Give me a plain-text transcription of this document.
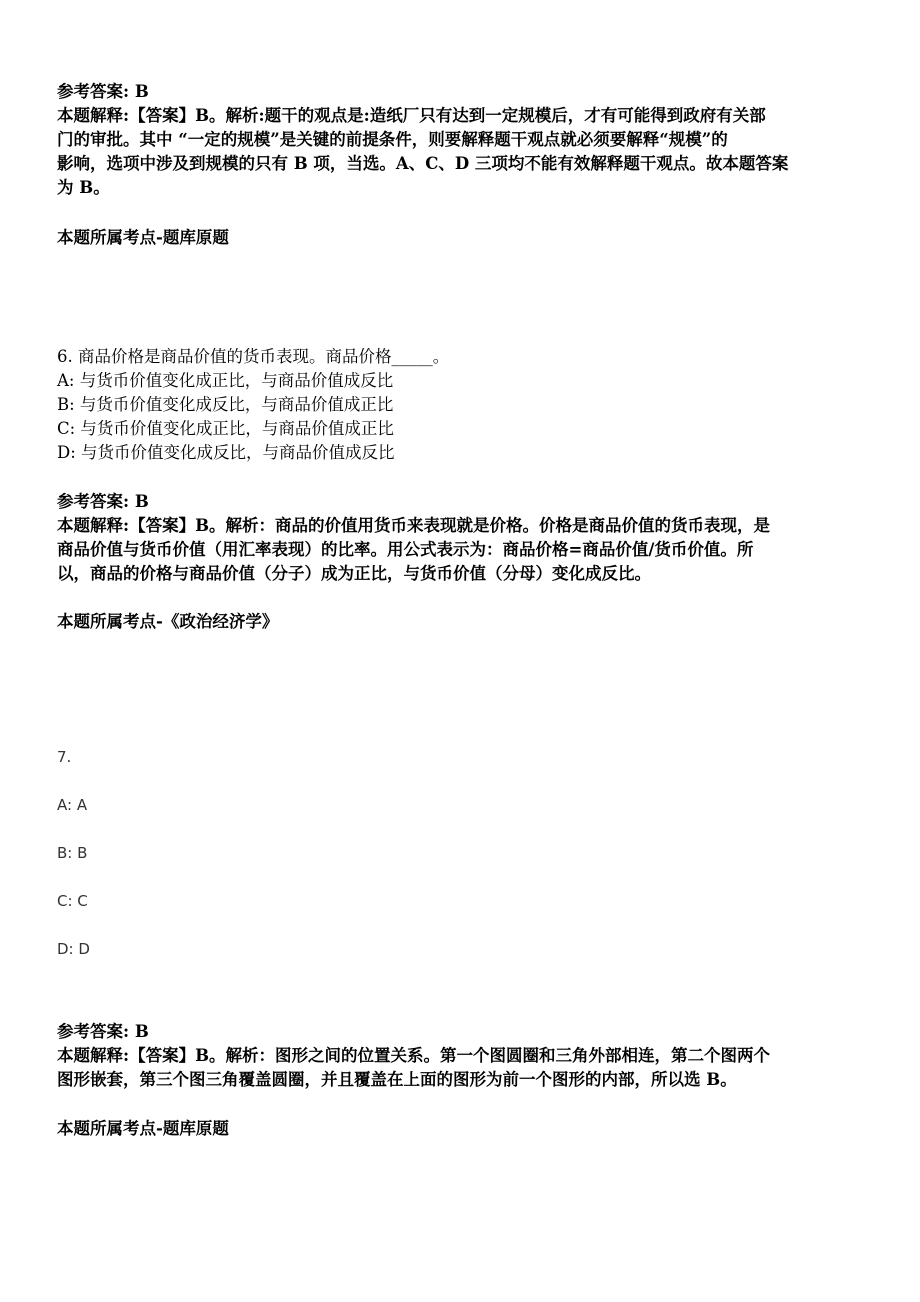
参考答案: B
本题解释:【答案】B。解析:题干的观点是:造纸厂只有达到一定规模后，才有可能得到政府有关部
门的审批。其中 “一定的规模”是关键的前提条件，则要解释题干观点就必须要解释“规模”的
影响，选项中涉及到规模的只有 B 项，当选。A、C、D 三项均不能有效解释题干观点。故本题答案
为 B。
本题所属考点-题库原题
6. 商品价格是商品价值的货币表现。商品价格_____。
A: 与货币价值变化成正比，与商品价值成反比
B: 与货币价值变化成反比，与商品价值成正比
C: 与货币价值变化成正比，与商品价值成正比
D: 与货币价值变化成反比，与商品价值成反比
参考答案: B
本题解释:【答案】B。解析：商品的价值用货币来表现就是价格。价格是商品价值的货币表现，是
商品价值与货币价值（用汇率表现）的比率。用公式表示为：商品价格=商品价值/货币价值。所
以，商品的价格与商品价值（分子）成为正比，与货币价值（分母）变化成反比。
本题所属考点-《政治经济学》
7.
A: A
B: B
C: C
D: D
参考答案: B
本题解释:【答案】B。解析：图形之间的位置关系。第一个图圆圈和三角外部相连，第二个图两个
图形嵌套，第三个图三角覆盖圆圈，并且覆盖在上面的图形为前一个图形的内部，所以选 B。
本题所属考点-题库原题
